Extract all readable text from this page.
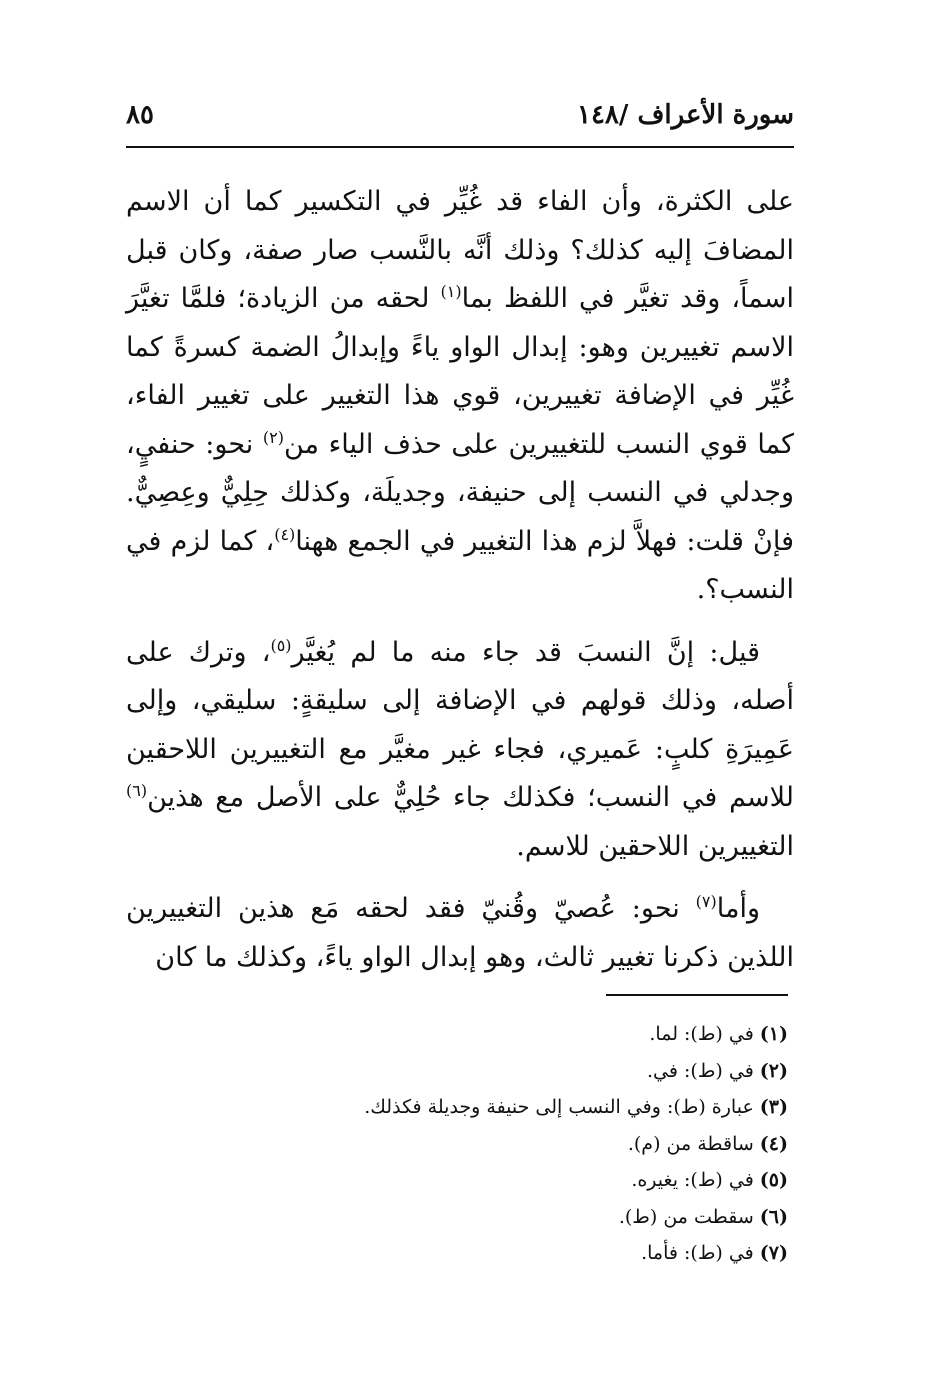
سورة الأعراف /١٤٨
٨٥

على الكثرة، وأن الفاء قد غُيِّر في التكسير كما أن الاسم المضافَ إليه كذلك؟ وذلك أنَّه بالنَّسب صار صفة، وكان قبل اسماً، وقد تغيَّر في اللفظ بما$^{(١)}$ لحقه من الزيادة؛ فلمَّا تغيَّرَ الاسم تغييرين وهو: إبدال الواو ياءً وإبدالُ الضمة كسرةً كما غُيِّر في الإضافة تغييرين، قوي هذا التغيير على تغيير الفاء، كما قوي النسب للتغييرين على حذف الياء من$^{(٢)}$ نحو: حنفيٍ، وجدلي في النسب إلى حنيفة، وجديلَة، وكذلك حِلِيٌّ وعِصِيٌّ. فإنْ قلت: فهلاَّ لزم هذا التغيير في الجمع ههنا$^{(٤)}$، كما لزم في النسب؟.

قيل: إنَّ النسبَ قد جاء منه ما لم يُغيَّر$^{(٥)}$، وترك على أصله، وذلك قولهم في الإضافة إلى سليقةٍ: سليقي، وإلى عَمِيرَةِ كلبٍ: عَميري، فجاء غير مغيَّر مع التغييرين اللاحقين للاسم في النسب؛ فكذلك جاء حُلِيٌّ على الأصل مع هذين$^{(٦)}$ التغييرين اللاحقين للاسم.

وأما$^{(٧)}$ نحو: عُصيّ وقُنيّ فقد لحقه مَع هذين التغييرين اللذين ذكرنا تغيير ثالث، وهو إبدال الواو ياءً، وكذلك ما كان

(١)في (ط): لما.
(٢)في (ط): في.
(٣)عبارة (ط): وفي النسب إلى حنيفة وجديلة فكذلك.
(٤)ساقطة من (م).
(٥)في (ط): يغيره.
(٦)سقطت من (ط).
(٧)في (ط): فأما.
